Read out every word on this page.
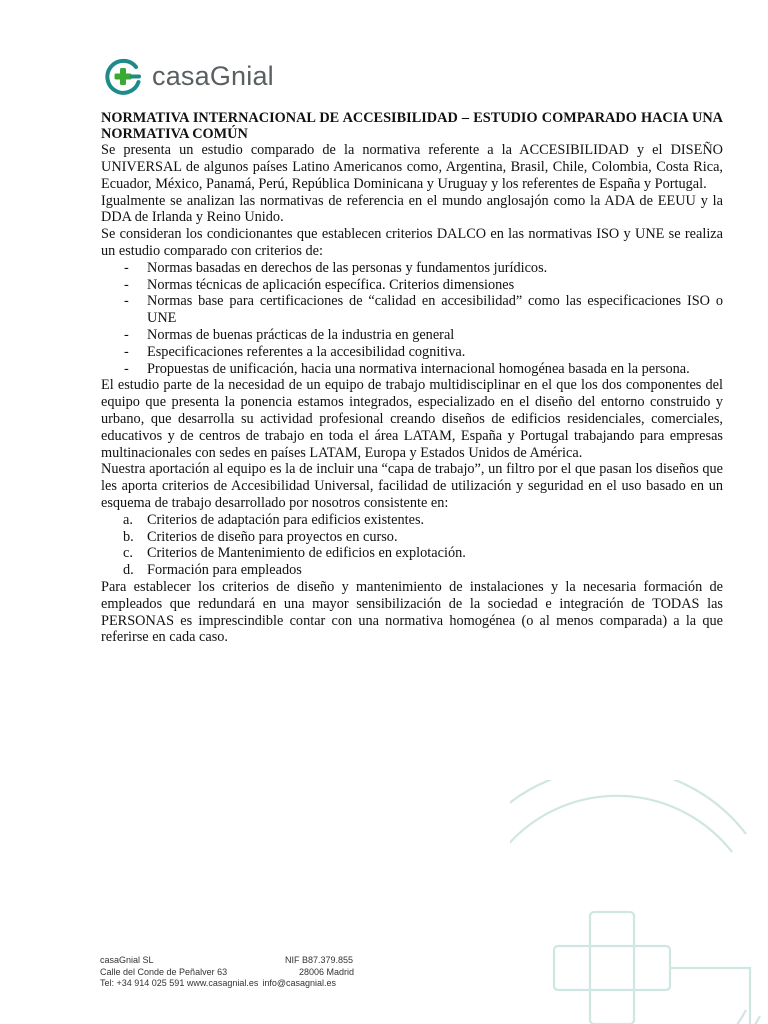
casaGnial

NORMATIVA INTERNACIONAL DE ACCESIBILIDAD – ESTUDIO COMPARADO HACIA UNA NORMATIVA COMÚN

Se presenta un estudio comparado de la normativa referente a la ACCESIBILIDAD y el DISEÑO UNIVERSAL de algunos países Latino Americanos como, Argentina, Brasil, Chile, Colombia, Costa Rica, Ecuador, México, Panamá, Perú, República Dominicana y Uruguay y los referentes de España y Portugal.

Igualmente se analizan las normativas de referencia en el mundo anglosajón como la ADA de EEUU y la DDA de Irlanda y Reino Unido.

Se consideran los condicionantes que establecen criterios DALCO en las normativas ISO y UNE se realiza un estudio comparado con criterios de:

- Normas basadas en derechos de las personas y fundamentos jurídicos.
- Normas técnicas de aplicación específica. Criterios dimensiones
- Normas base para certificaciones de “calidad en accesibilidad” como las especificaciones ISO o UNE
- Normas de buenas prácticas de la industria en general
- Especificaciones referentes a la accesibilidad cognitiva.
- Propuestas de unificación, hacia una normativa internacional homogénea basada en la persona.

El estudio parte de la necesidad de un equipo de trabajo multidisciplinar en el que los dos componentes del equipo que presenta la ponencia estamos integrados, especializado en el diseño del entorno construido y urbano, que desarrolla su actividad profesional creando diseños de edificios residenciales, comerciales, educativos y de centros de trabajo en toda el área LATAM, España y Portugal trabajando para empresas multinacionales con sedes en países LATAM, Europa y Estados Unidos de América.

Nuestra aportación al equipo es la de incluir una “capa de trabajo”, un filtro por el que pasan los diseños que les aporta criterios de Accesibilidad Universal, facilidad de utilización y seguridad en el uso basado en un esquema de trabajo desarrollado por nosotros consistente en:

a. Criterios de adaptación para edificios existentes.
b. Criterios de diseño para proyectos en curso.
c. Criterios de Mantenimiento de edificios en explotación.
d. Formación para empleados

Para establecer los criterios de diseño y mantenimiento de instalaciones y la necesaria formación de empleados que redundará en una mayor sensibilización de la sociedad e integración de TODAS las PERSONAS es imprescindible contar con una normativa homogénea (o al menos comparada) a la que referirse en cada caso.

casaGnial SL	NIF B87.379.855
Calle del Conde de Peñalver 63	28006 Madrid
Tel: +34 914 025 591 www.casagnial.es info@casagnial.es
